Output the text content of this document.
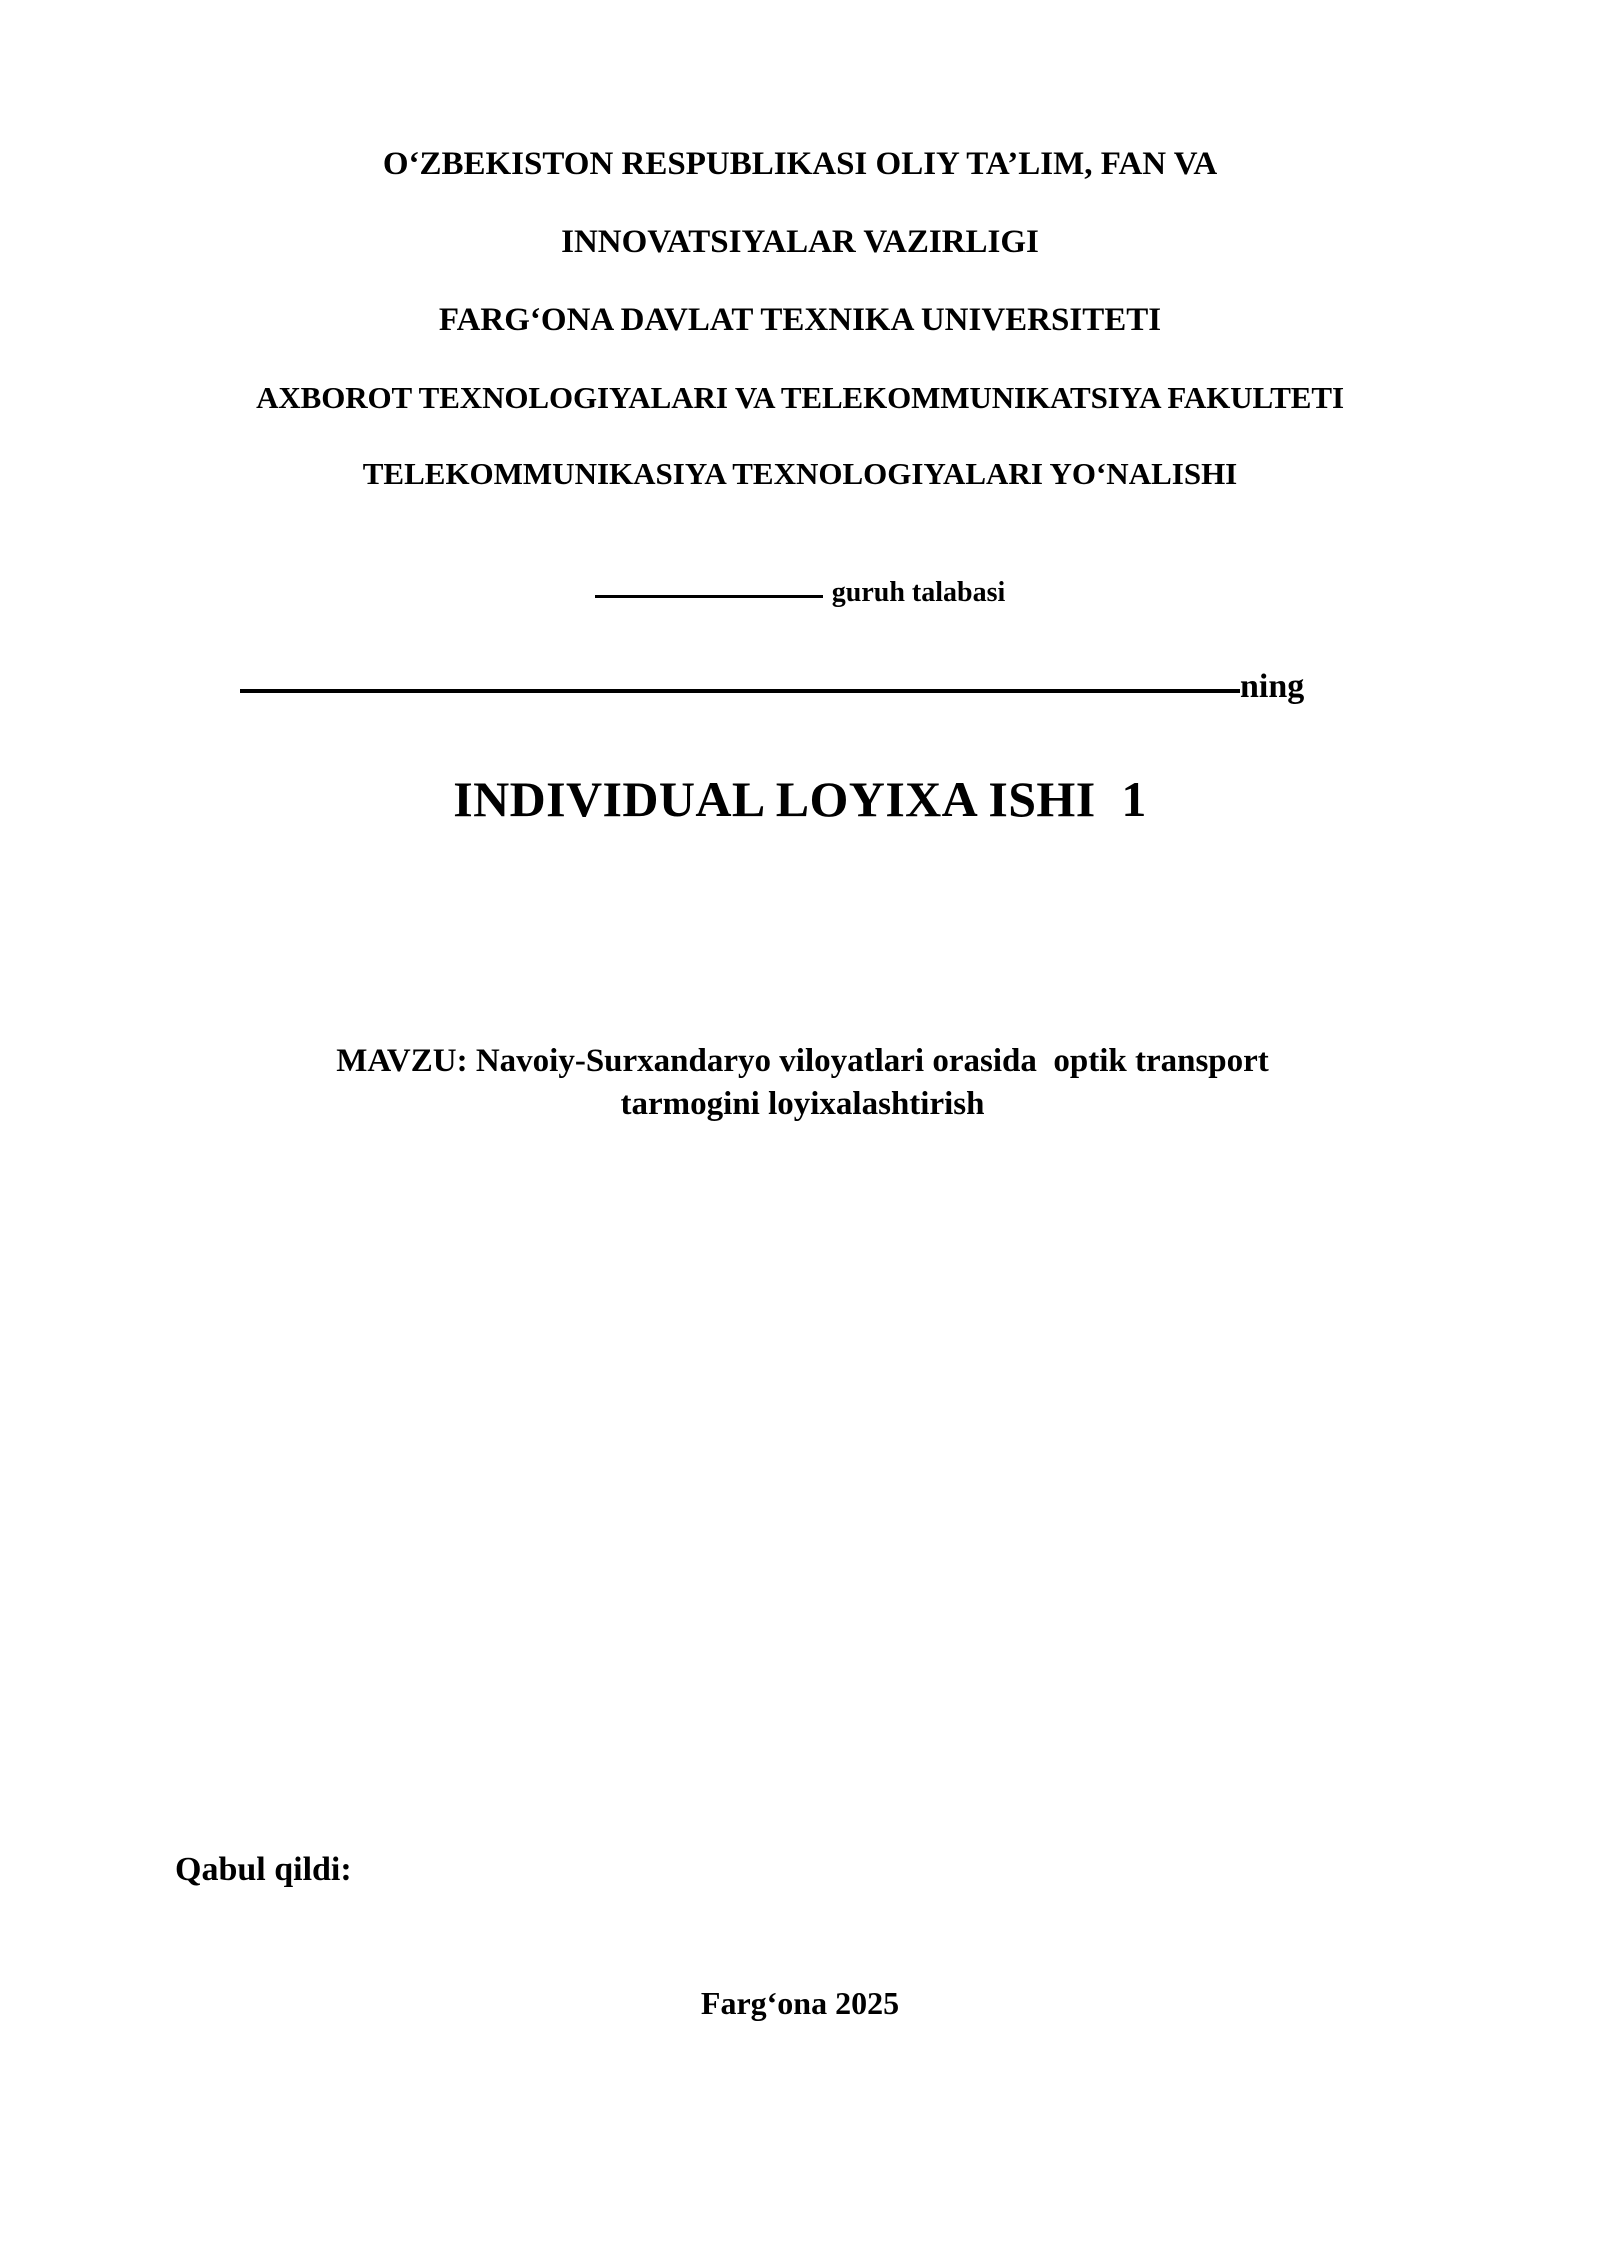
O‘ZBEKISTON RESPUBLIKASI OLIY TA’LIM, FAN VA
INNOVATSIYALAR VAZIRLIGI
FARG‘ONA DAVLAT TEXNIKA UNIVERSITETI
AXBOROT TEXNOLOGIYALARI VA TELEKOMMUNIKATSIYA FAKULTETI
TELEKOMMUNIKASIYA TEXNOLOGIYALARI YO‘NALISHI
guruh talabasi
ning
INDIVIDUAL LOYIXA ISHI  1
MAVZU: Navoiy-Surxandaryo viloyatlari orasida  optik transport
tarmogini loyixalashtirish
Qabul qildi:
Farg‘ona 2025
